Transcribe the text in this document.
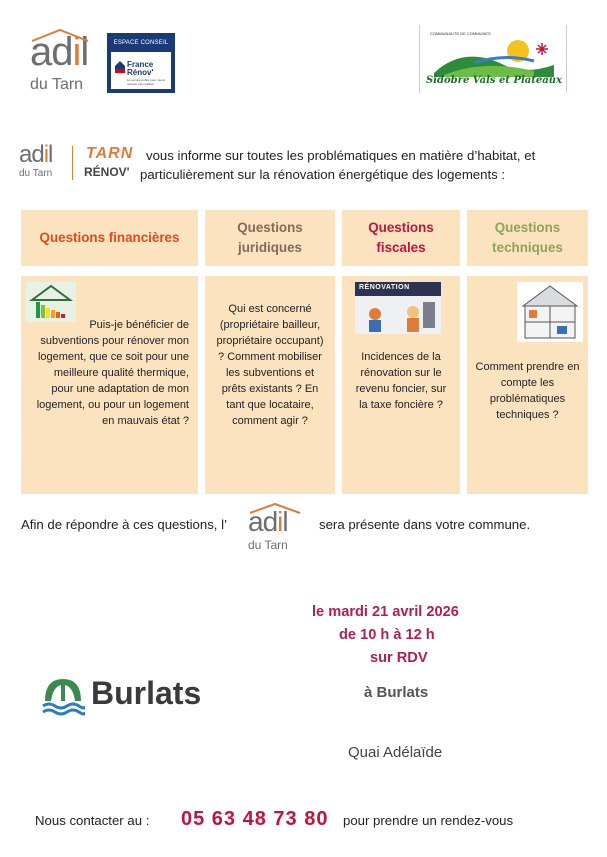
adil
du Tarn
ESPACE CONSEIL
France Rénov'
Le service public pour mieux rénover mon habitat
COMMUNAUTE DE COMMUNES
Sidobre Vals et Plateaux
adil
du Tarn
TARN
RÉNOV'
vous informe sur toutes les problématiques en matière d’habitat, et
particulièrement sur la rénovation énergétique des logements :
Questions financières
Questions
juridiques
Questions
fiscales
Questions
techniques
Puis-je bénéficier de subventions pour rénover mon logement, que ce soit pour une meilleure qualité thermique, pour une adaptation de mon logement, ou pour un logement en mauvais état ?
Qui est concerné (propriétaire bailleur, propriétaire occupant) ? Comment mobiliser les subventions et prêts existants ? En tant que locataire, comment agir ?
RÉNOVATION
Incidences de la rénovation sur le revenu foncier, sur la taxe foncière ?
Comment prendre en compte les problématiques techniques ?
Afin de répondre à ces questions, l’ adil
du Tarn
sera présente dans votre commune.
le mardi 21 avril 2026
de 10 h à 12 h
sur RDV
Burlats	à Burlats
Quai Adélaïde
Nous contacter au : 05 63 48 73 80 pour prendre un rendez-vous
